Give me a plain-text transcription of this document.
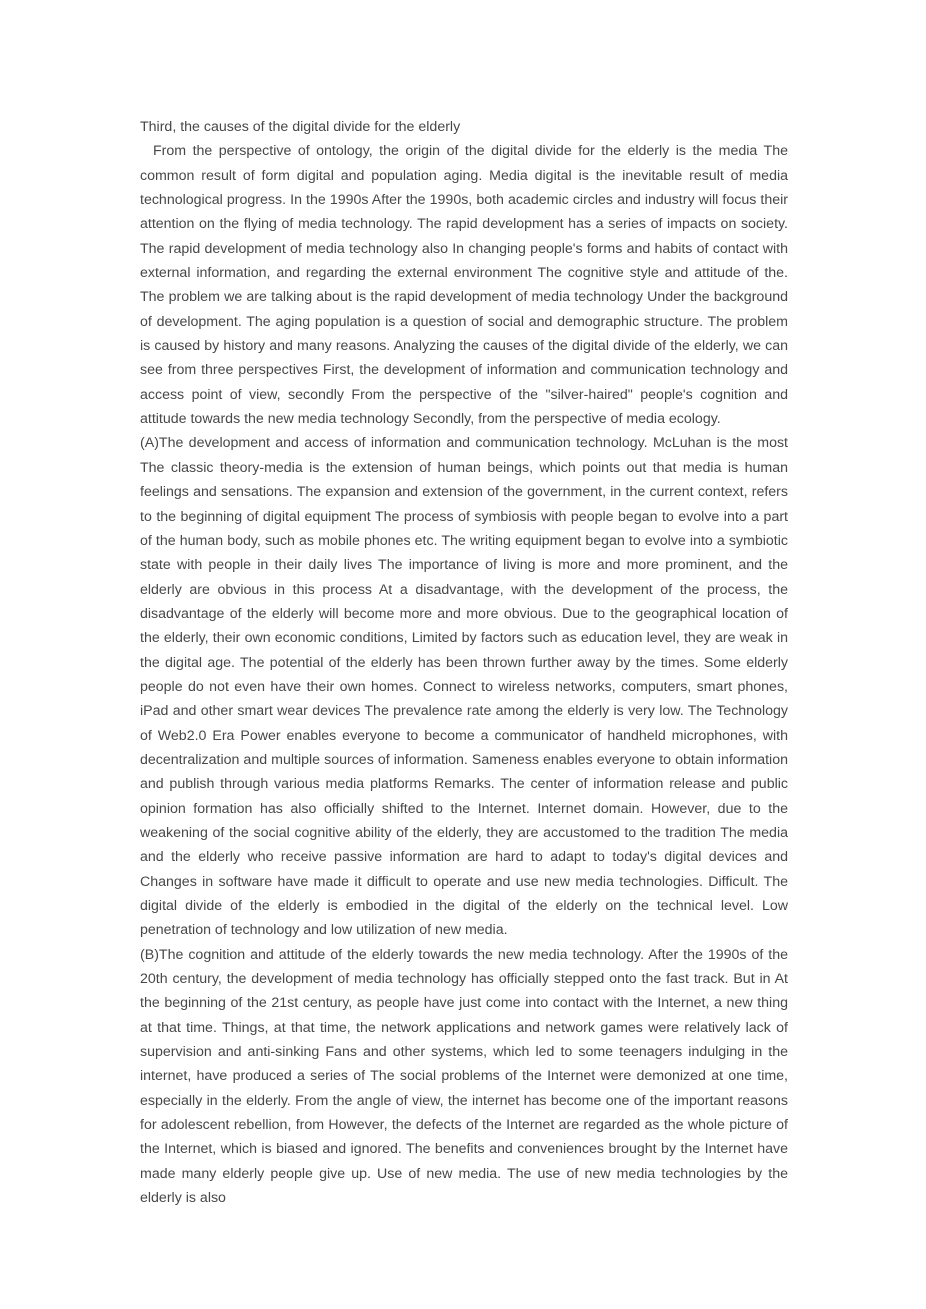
Third, the causes of the digital divide for the elderly

From the perspective of ontology, the origin of the digital divide for the elderly is the media The common result of form digital and population aging. Media digital is the inevitable result of media technological progress. In the 1990s After the 1990s, both academic circles and industry will focus their attention on the flying of media technology. The rapid development has a series of impacts on society. The rapid development of media technology also In changing people's forms and habits of contact with external information, and regarding the external environment The cognitive style and attitude of the. The problem we are talking about is the rapid development of media technology Under the background of development. The aging population is a question of social and demographic structure. The problem is caused by history and many reasons. Analyzing the causes of the digital divide of the elderly, we can see from three perspectives First, the development of information and communication technology and access point of view, secondly From the perspective of the "silver-haired" people's cognition and attitude towards the new media technology Secondly, from the perspective of media ecology.

(A)The development and access of information and communication technology. McLuhan is the most The classic theory-media is the extension of human beings, which points out that media is human feelings and sensations. The expansion and extension of the government, in the current context, refers to the beginning of digital equipment The process of symbiosis with people began to evolve into a part of the human body, such as mobile phones etc. The writing equipment began to evolve into a symbiotic state with people in their daily lives The importance of living is more and more prominent, and the elderly are obvious in this process At a disadvantage, with the development of the process, the disadvantage of the elderly will become more and more obvious. Due to the geographical location of the elderly, their own economic conditions, Limited by factors such as education level, they are weak in the digital age. The potential of the elderly has been thrown further away by the times. Some elderly people do not even have their own homes. Connect to wireless networks, computers, smart phones, iPad and other smart wear devices The prevalence rate among the elderly is very low. The Technology of Web2.0 Era Power enables everyone to become a communicator of handheld microphones, with decentralization and multiple sources of information. Sameness enables everyone to obtain information and publish through various media platforms Remarks. The center of information release and public opinion formation has also officially shifted to the Internet. Internet domain. However, due to the weakening of the social cognitive ability of the elderly, they are accustomed to the tradition The media and the elderly who receive passive information are hard to adapt to today's digital devices and Changes in software have made it difficult to operate and use new media technologies. Difficult. The digital divide of the elderly is embodied in the digital of the elderly on the technical level. Low penetration of technology and low utilization of new media.

(B)The cognition and attitude of the elderly towards the new media technology. After the 1990s of the 20th century, the development of media technology has officially stepped onto the fast track. But in At the beginning of the 21st century, as people have just come into contact with the Internet, a new thing at that time. Things, at that time, the network applications and network games were relatively lack of supervision and anti-sinking Fans and other systems, which led to some teenagers indulging in the internet, have produced a series of The social problems of the Internet were demonized at one time, especially in the elderly. From the angle of view, the internet has become one of the important reasons for adolescent rebellion, from However, the defects of the Internet are regarded as the whole picture of the Internet, which is biased and ignored. The benefits and conveniences brought by the Internet have made many elderly people give up. Use of new media. The use of new media technologies by the elderly is also
